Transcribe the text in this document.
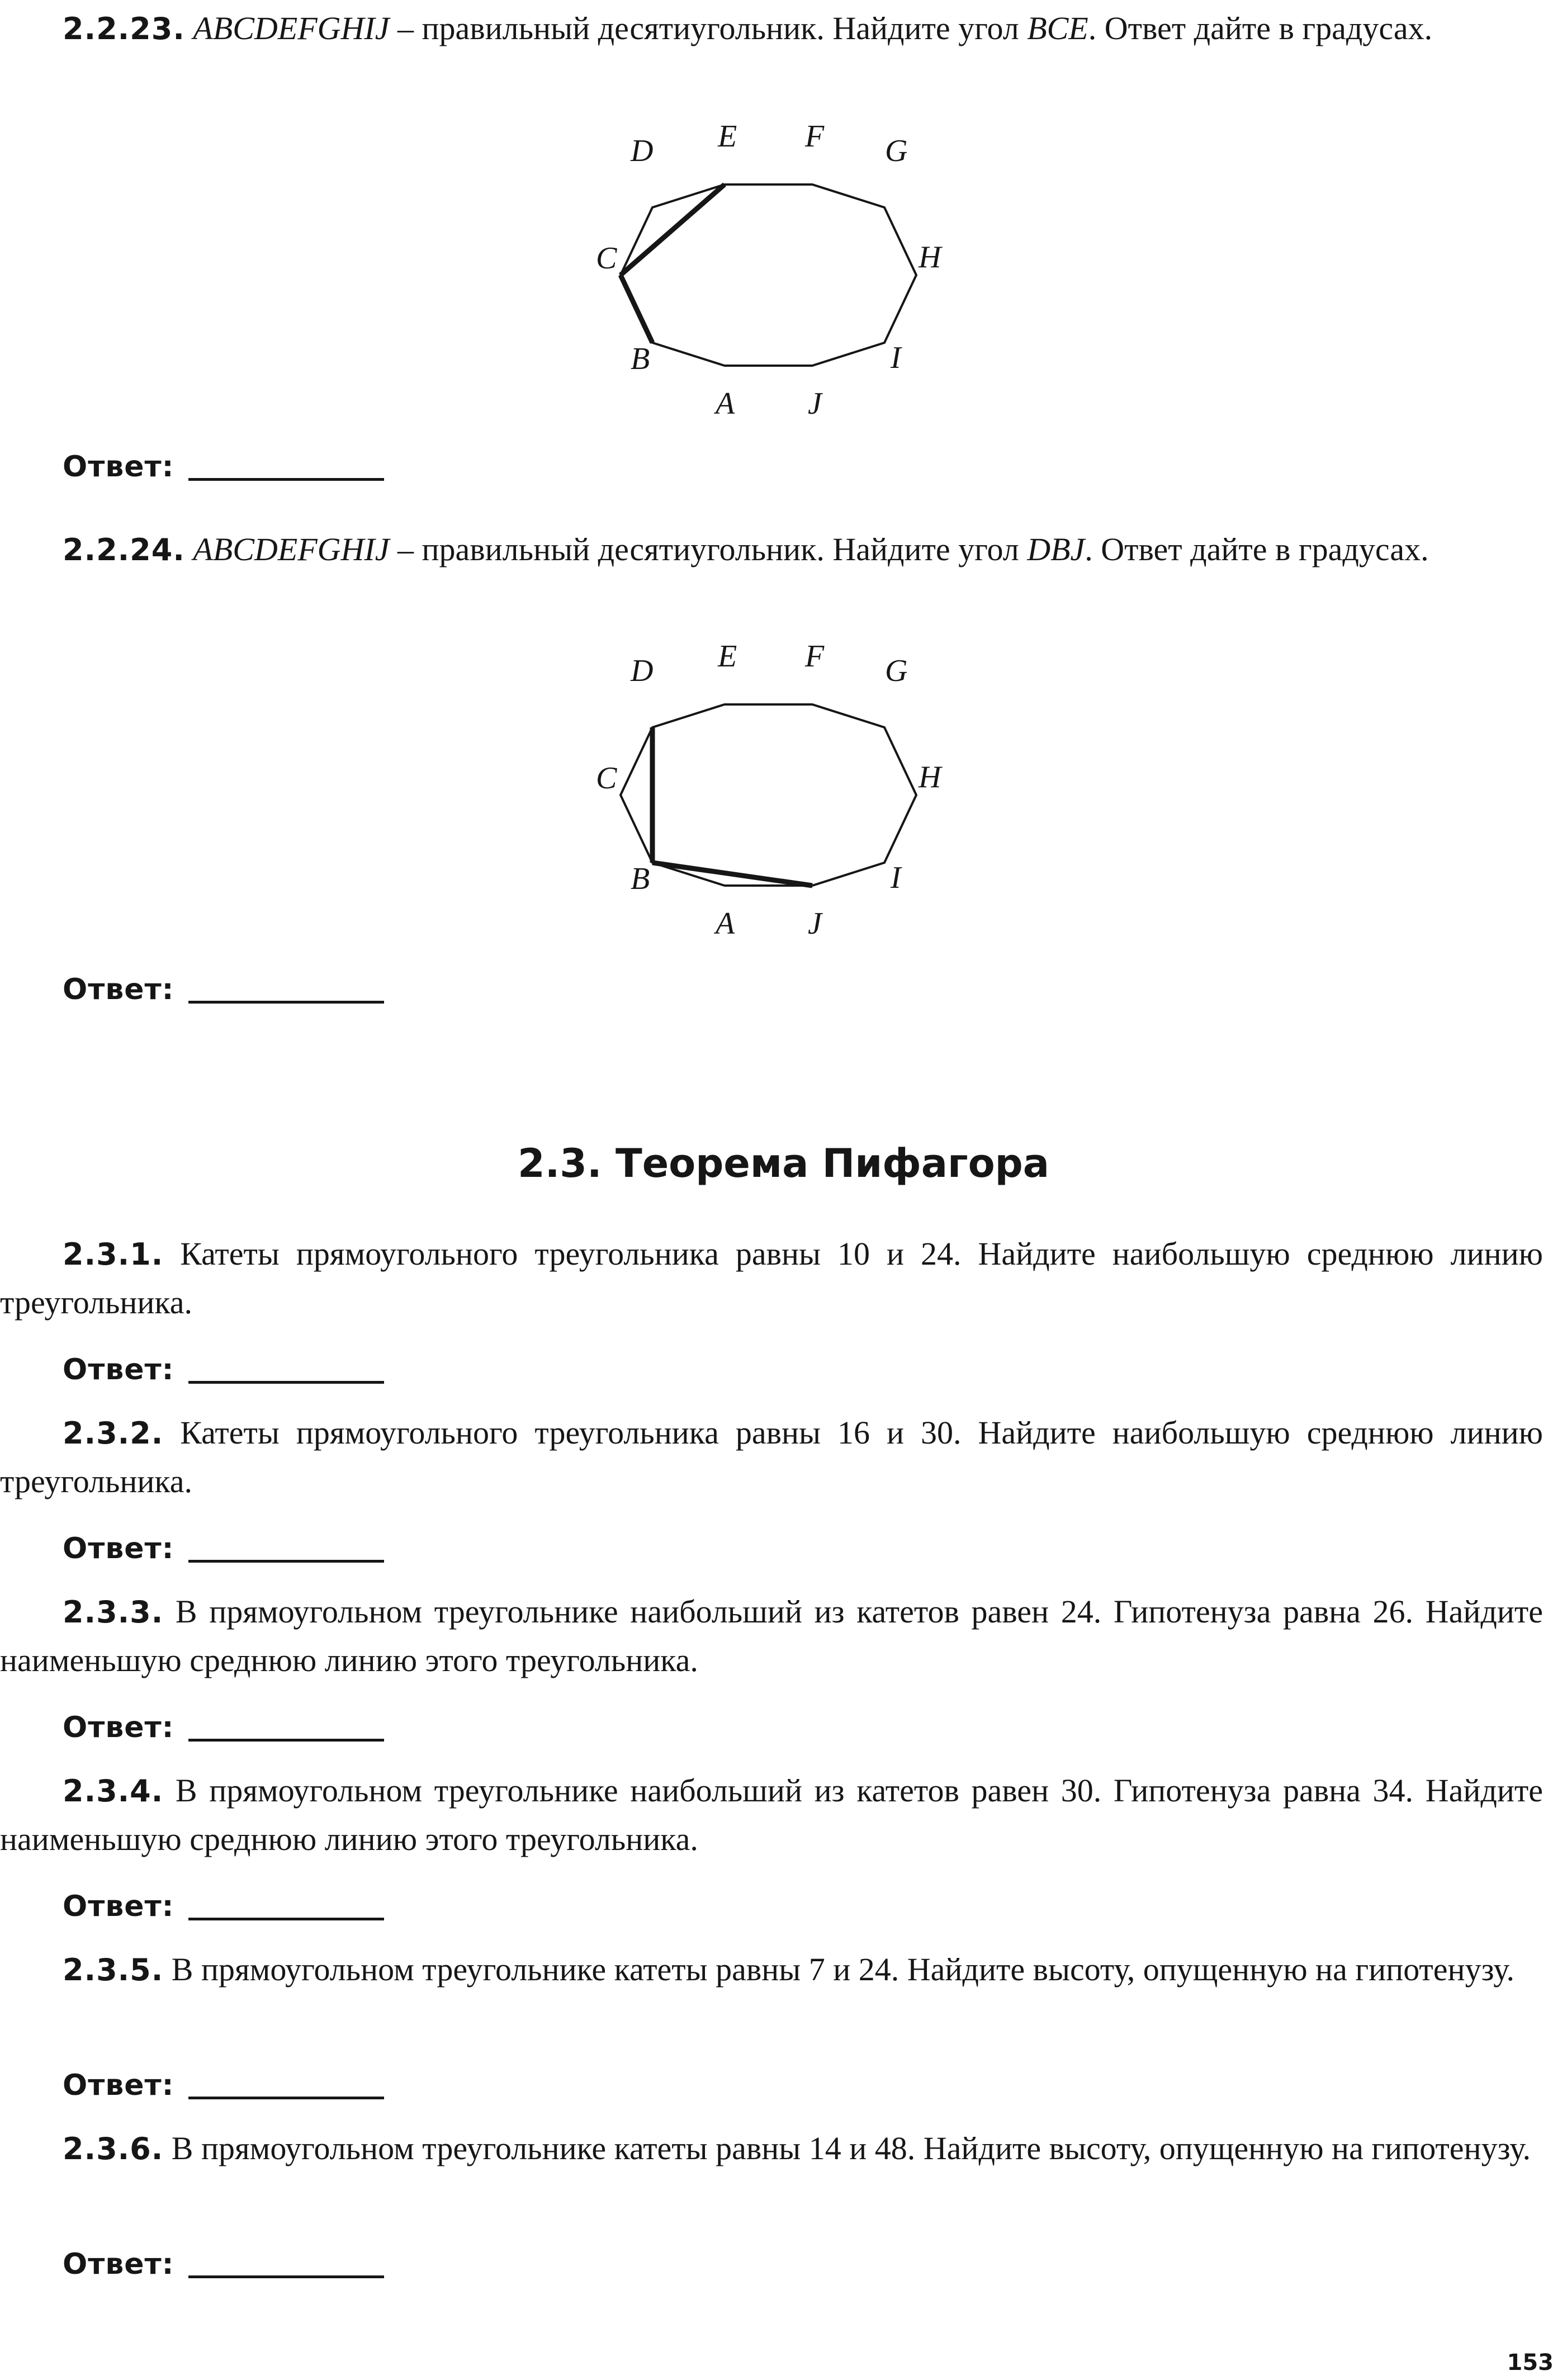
2.2.23. ABCDEFGHIJ – правильный десятиугольник. Найдите угол BCE. Ответ дайте в градусах.
A
B
C
D E F G
H
I
J
Ответ:
2.2.24. ABCDEFGHIJ – правильный десятиугольник. Найдите угол DBJ. Ответ дайте в градусах.
A
B
C
D E F G
H
I
J
Ответ:
2.3. Теорема Пифагора
2.3.1. Катеты прямоугольного треугольника равны 10 и 24. Найдите наибольшую среднюю линию треугольника.
Ответ:
2.3.2. Катеты прямоугольного треугольника равны 16 и 30. Найдите наибольшую среднюю линию треугольника.
Ответ:
2.3.3. В прямоугольном треугольнике наибольший из катетов равен 24. Гипотенуза равна 26. Найдите наименьшую среднюю линию этого треугольника.
Ответ:
2.3.4. В прямоугольном треугольнике наибольший из катетов равен 30. Гипотенуза равна 34. Найдите наименьшую среднюю линию этого треугольника.
Ответ:
2.3.5. В прямоугольном треугольнике катеты равны 7 и 24. Найдите высоту, опущенную на гипотенузу.
Ответ:
2.3.6. В прямоугольном треугольнике катеты равны 14 и 48. Найдите высоту, опущенную на гипотенузу.
Ответ:
153
